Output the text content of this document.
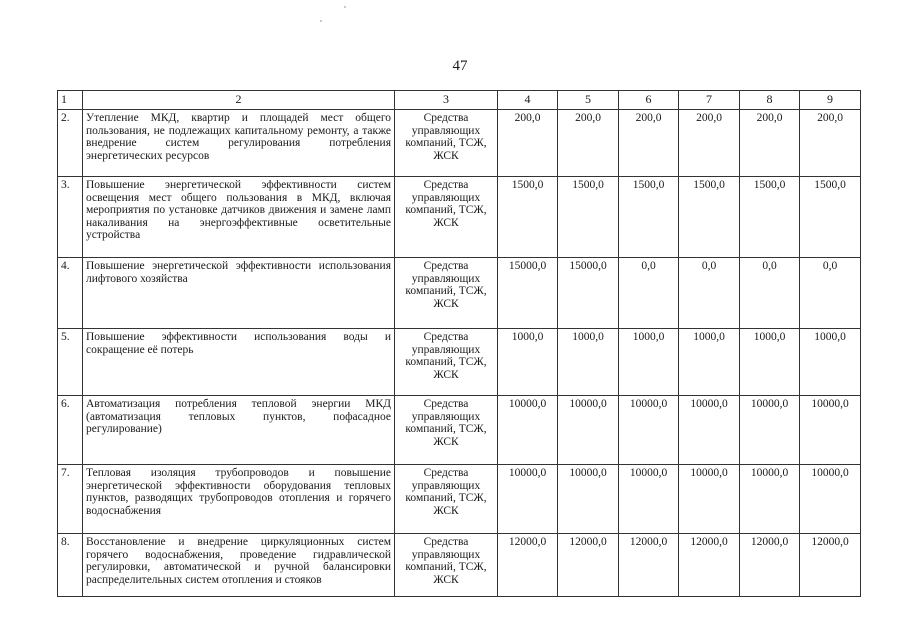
47
1	2	3	4	5	6	7	8	9
2.	Утепление МКД, квартир и площадей мест общего пользования, не подлежащих капитальному ремонту, а также внедрение систем регулирования потребления энергетических ресурсов	Средства управляющих компаний, ТСЖ, ЖСК	200,0	200,0	200,0	200,0	200,0	200,0
3.	Повышение энергетической эффективности систем освещения мест общего пользования в МКД, включая мероприятия по установке датчиков движения и замене ламп накаливания на энергоэффективные осветительные устройства	Средства управляющих компаний, ТСЖ, ЖСК	1500,0	1500,0	1500,0	1500,0	1500,0	1500,0
4.	Повышение энергетической эффективности использования лифтового хозяйства	Средства управляющих компаний, ТСЖ, ЖСК	15000,0	15000,0	0,0	0,0	0,0	0,0
5.	Повышение эффективности использования воды и сокращение её потерь	Средства управляющих компаний, ТСЖ, ЖСК	1000,0	1000,0	1000,0	1000,0	1000,0	1000,0
6.	Автоматизация потребления тепловой энергии МКД (автоматизация тепловых пунктов, пофасадное регулирование)	Средства управляющих компаний, ТСЖ, ЖСК	10000,0	10000,0	10000,0	10000,0	10000,0	10000,0
7.	Тепловая изоляция трубопроводов и повышение энергетической эффективности оборудования тепловых пунктов, разводящих трубопроводов отопления и горячего водоснабжения	Средства управляющих компаний, ТСЖ, ЖСК	10000,0	10000,0	10000,0	10000,0	10000,0	10000,0
8.	Восстановление и внедрение циркуляционных систем горячего водоснабжения, проведение гидравлической регулировки, автоматической и ручной балансировки распределительных систем отопления и стояков	Средства управляющих компаний, ТСЖ, ЖСК	12000,0	12000,0	12000,0	12000,0	12000,0	12000,0
